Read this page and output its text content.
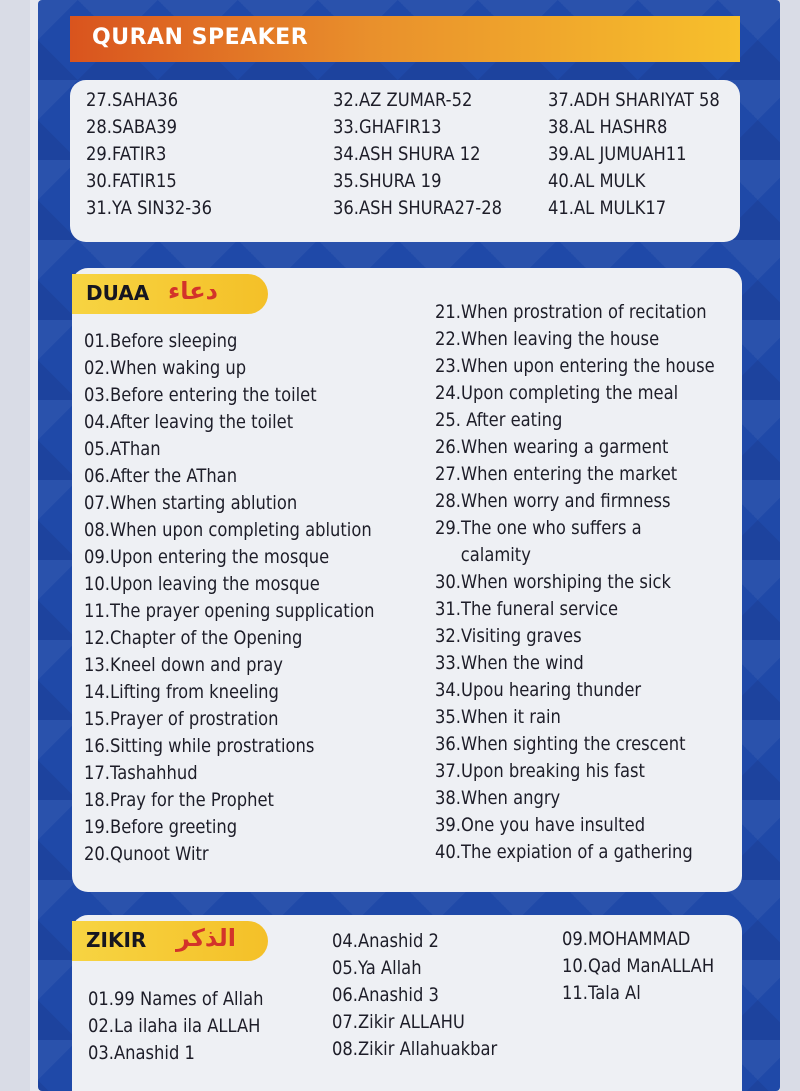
QURAN SPEAKER
27.SAHA36
28.SABA39
29.FATIR3
30.FATIR15
31.YA SIN32-36
32.AZ ZUMAR-52
33.GHAFIR13
34.ASH SHURA 12
35.SHURA 19
36.ASH SHURA27-28
37.ADH SHARIYAT 58
38.AL HASHR8
39.AL JUMUAH11
40.AL MULK
41.AL MULK17
DUAA دعاء
01.Before sleeping
02.When waking up
03.Before entering the toilet
04.After leaving the toilet
05.AThan
06.After the AThan
07.When starting ablution
08.When upon completing ablution
09.Upon entering the mosque
10.Upon leaving the mosque
11.The prayer opening supplication
12.Chapter of the Opening
13.Kneel down and pray
14.Lifting from kneeling
15.Prayer of prostration
16.Sitting while prostrations
17.Tashahhud
18.Pray for the Prophet
19.Before greeting
20.Qunoot Witr
21.When prostration of recitation
22.When leaving the house
23.When upon entering the house
24.Upon completing the meal
25. After eating
26.When wearing a garment
27.When entering the market
28.When worry and firmness
29.The one who suffers a
calamity
30.When worshiping the sick
31.The funeral service
32.Visiting graves
33.When the wind
34.Upou hearing thunder
35.When it rain
36.When sighting the crescent
37.Upon breaking his fast
38.When angry
39.One you have insulted
40.The expiation of a gathering
ZIKIR الذكر
01.99 Names of Allah
02.La ilaha ila ALLAH
03.Anashid 1
04.Anashid 2
05.Ya Allah
06.Anashid 3
07.Zikir ALLAHU
08.Zikir Allahuakbar
09.MOHAMMAD
10.Qad ManALLAH
11.Tala Al
